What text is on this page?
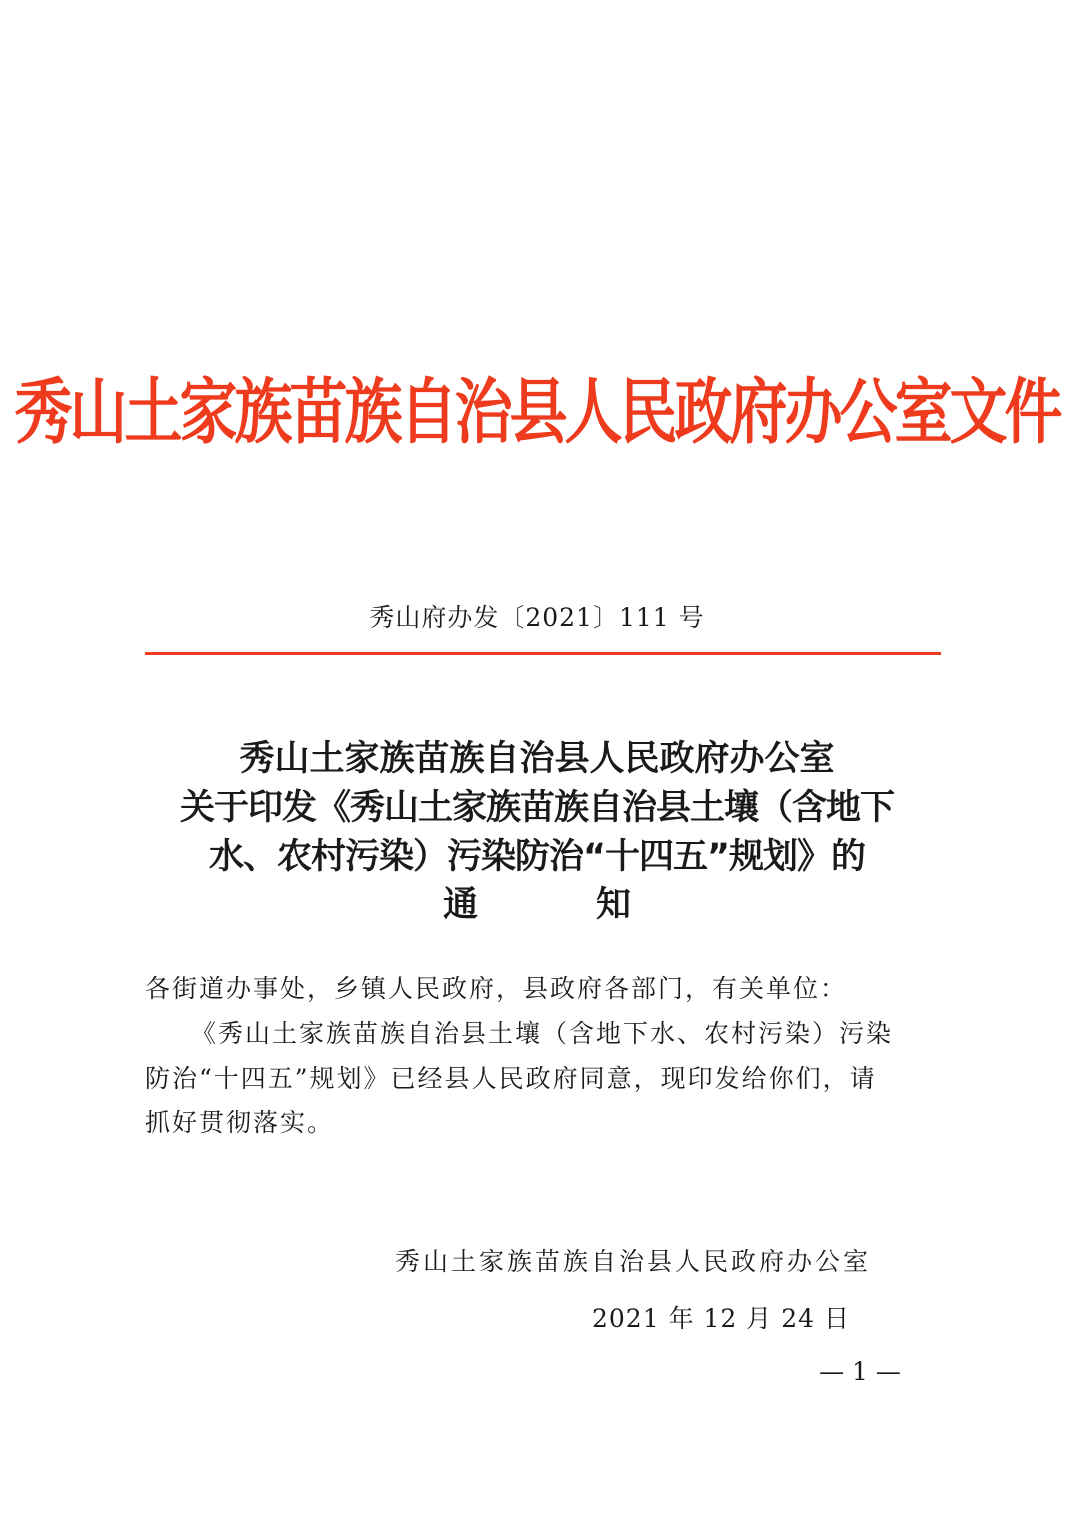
秀山土家族苗族自治县人民政府办公室文件
秀山府办发〔2021〕111 号
秀山土家族苗族自治县人民政府办公室
关于印发《秀山土家族苗族自治县土壤（含地下
水、农村污染）污染防治“十四五”规划》的
通	知
各街道办事处，乡镇人民政府，县政府各部门，有关单位：
《秀山土家族苗族自治县土壤（含地下水、农村污染）污染
防治“十四五”规划》已经县人民政府同意，现印发给你们，请
抓好贯彻落实。
秀山土家族苗族自治县人民政府办公室
2021 年 12 月 24 日
— 1 —
